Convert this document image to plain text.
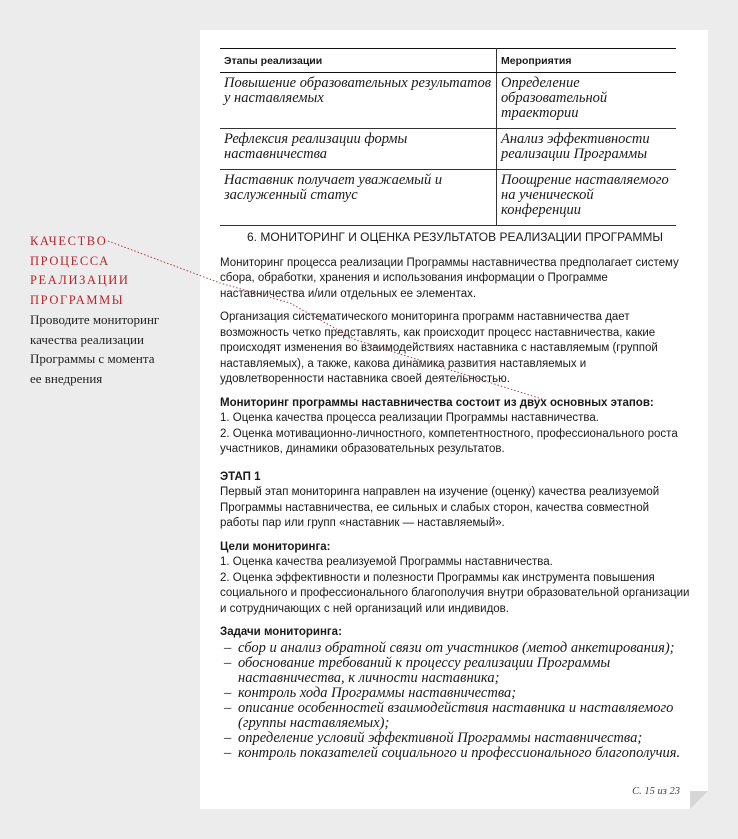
Этапы реализации	Мероприятия
Повышение образовательных результатов у наставляемых	Определение образовательной траектории
Рефлексия реализации формы наставничества	Анализ эффективности реализации Программы
Наставник получает уважаемый и заслуженный статус	Поощрение наставляемого на ученической конференции

6. МОНИТОРИНГ И ОЦЕНКА РЕЗУЛЬТАТОВ РЕАЛИЗАЦИИ ПРОГРАММЫ

Мониторинг процесса реализации Программы наставничества предполагает систему сбора, обработки, хранения и использования информации о Программе наставничества и/или отдельных ее элементах.

Организация систематического мониторинга программ наставничества дает возможность четко представлять, как происходит процесс наставничества, какие происходят изменения во взаимодействиях наставника с наставляемым (группой наставляемых), а также, какова динамика развития наставляемых и удовлетворенности наставника своей деятельностью.

Мониторинг программы наставничества состоит из двух основных этапов:

1. Оценка качества процесса реализации Программы наставничества.

2. Оценка мотивационно-личностного, компетентностного, профессионального роста участников, динамики образовательных результатов.

ЭТАП 1

Первый этап мониторинга направлен на изучение (оценку) качества реализуемой Программы наставничества, ее сильных и слабых сторон, качества совместной работы пар или групп «наставник — наставляемый».

Цели мониторинга:

1. Оценка качества реализуемой Программы наставничества.

2. Оценка эффективности и полезности Программы как инструмента повышения социального и профессионального благополучия внутри образовательной организации и сотрудничающих с ней организаций или индивидов.

Задачи мониторинга:

– сбор и анализ обратной связи от участников (метод анкетирования);
– обоснование требований к процессу реализации Программы наставничества, к личности наставника;
– контроль хода Программы наставничества;
– описание особенностей взаимодействия наставника и наставляемого (группы наставляемых);
– определение условий эффективной Программы наставничества;
– контроль показателей социального и профессионального благополучия.
С. 15 из 23

КАЧЕСТВО

ПРОЦЕССА

РЕАЛИЗАЦИИ

ПРОГРАММЫ

Проводите мониторинг

качества реализации

Программы с момента

ее внедрения
